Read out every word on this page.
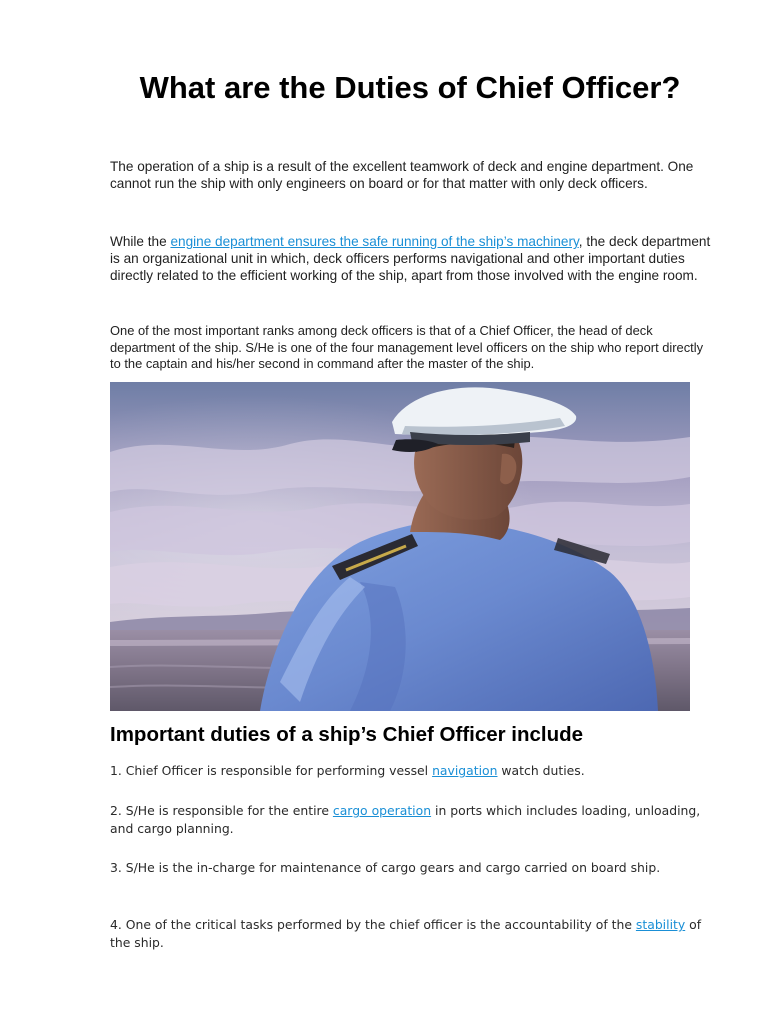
What are the Duties of Chief Officer?

The operation of a ship is a result of the excellent teamwork of deck and engine department. One cannot run the ship with only engineers on board or for that matter with only deck officers.

While the engine department ensures the safe running of the ship’s machinery, the deck department is an organizational unit in which, deck officers performs navigational and other important duties directly related to the efficient working of the ship, apart from those involved with the engine room.

One of the most important ranks among deck officers is that of a Chief Officer, the head of deck department of the ship. S/He is one of the four management level officers on the ship who report directly to the captain and his/her second in command after the master of the ship.

Important duties of a ship’s Chief Officer include

1. Chief Officer is responsible for performing vessel navigation watch duties.

2. S/He is responsible for the entire cargo operation in ports which includes loading, unloading, and cargo planning.

3. S/He is the in-charge for maintenance of cargo gears and cargo carried on board ship.

4. One of the critical tasks performed by the chief officer is the accountability of the stability of the ship.
